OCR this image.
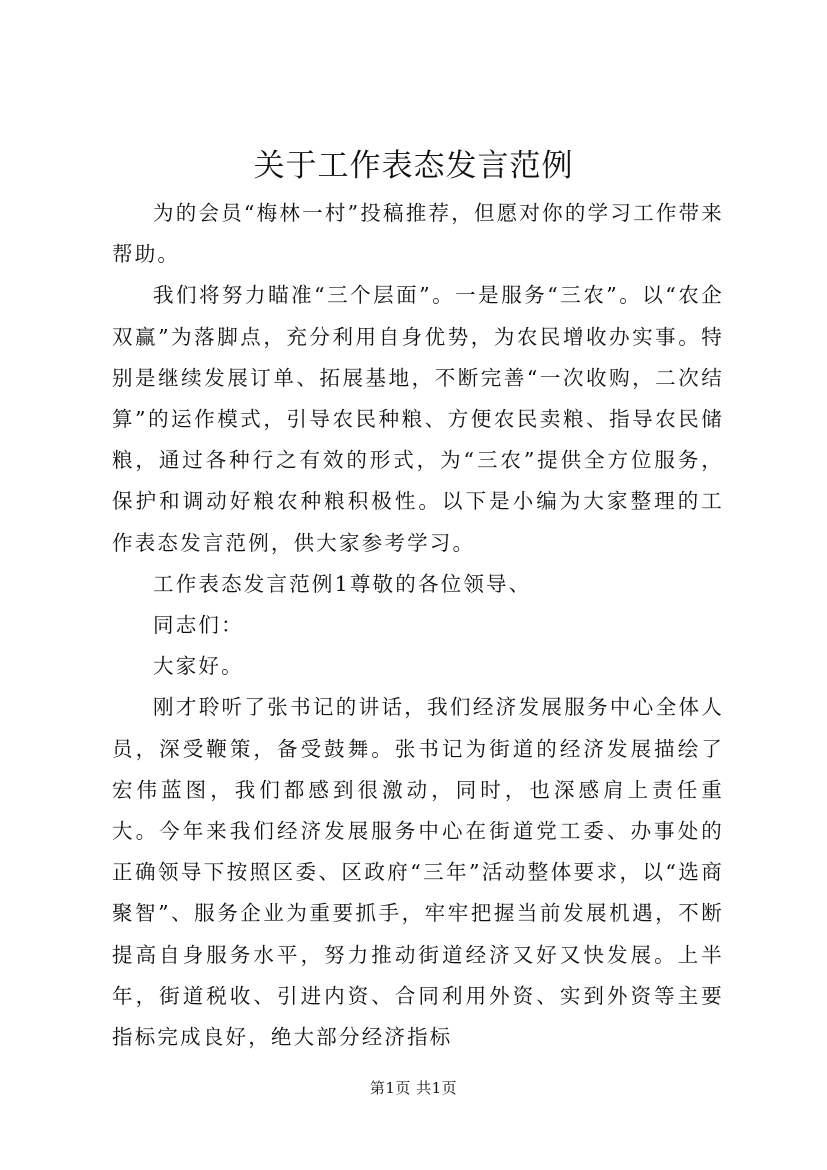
关于工作表态发言范例

为的会员“梅林一村”投稿推荐，但愿对你的学习工作带来帮助。

我们将努力瞄准“三个层面”。一是服务“三农”。以“农企双赢”为落脚点，充分利用自身优势，为农民增收办实事。特别是继续发展订单、拓展基地，不断完善“一次收购，二次结算”的运作模式，引导农民种粮、方便农民卖粮、指导农民储粮，通过各种行之有效的形式，为“三农”提供全方位服务，保护和调动好粮农种粮积极性。以下是小编为大家整理的工作表态发言范例，供大家参考学习。

工作表态发言范例1尊敬的各位领导、

同志们：

大家好。

刚才聆听了张书记的讲话，我们经济发展服务中心全体人员，深受鞭策，备受鼓舞。张书记为街道的经济发展描绘了宏伟蓝图，我们都感到很激动，同时，也深感肩上责任重大。今年来我们经济发展服务中心在街道党工委、办事处的正确领导下按照区委、区政府“三年”活动整体要求，以“选商聚智”、服务企业为重要抓手，牢牢把握当前发展机遇，不断提高自身服务水平，努力推动街道经济又好又快发展。上半年，街道税收、引进内资、合同利用外资、实到外资等主要指标完成良好，绝大部分经济指标

第1页 共1页
